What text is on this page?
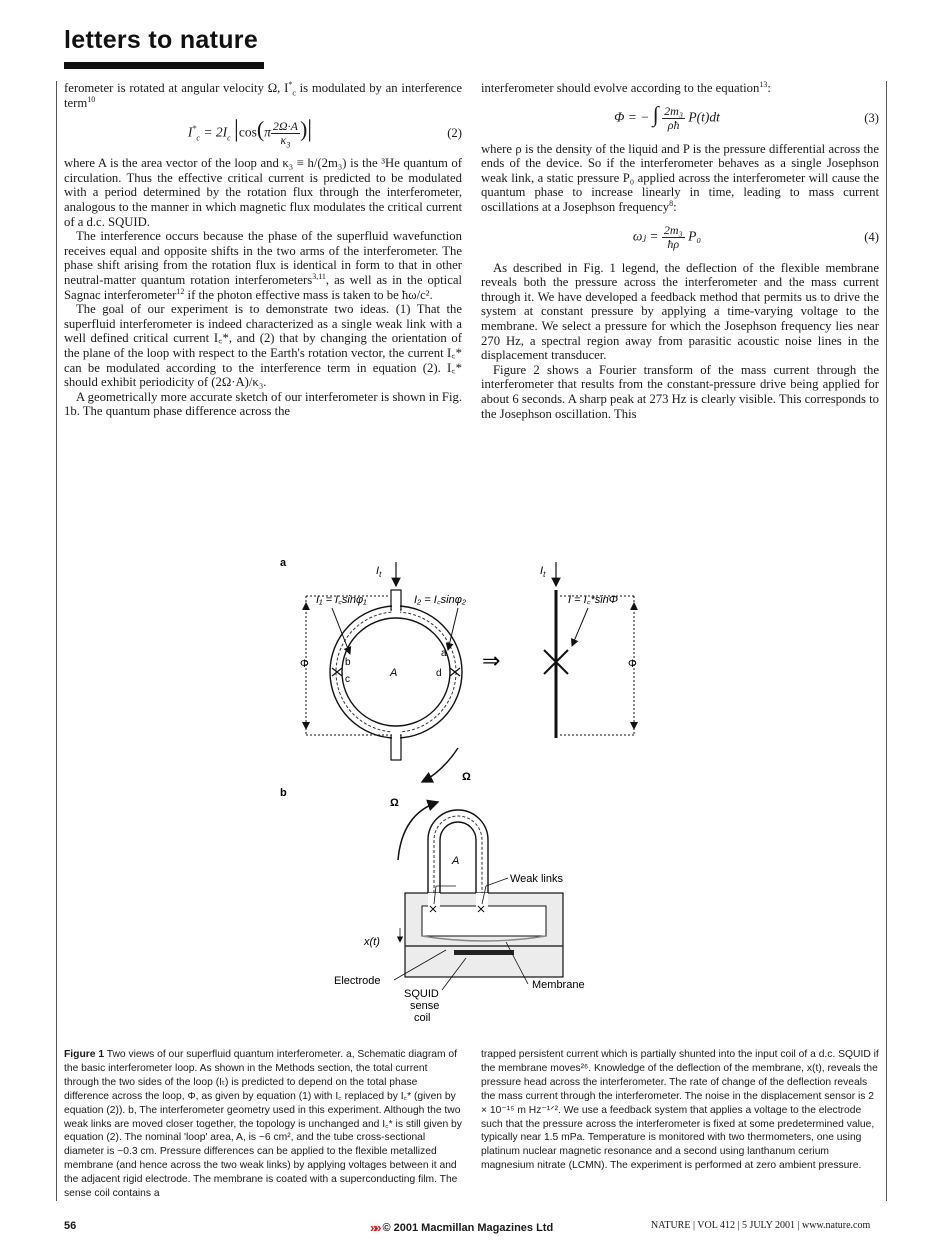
letters to nature

ferometer is rotated at angular velocity Ω, $I^*_c$ is modulated by an interference term$^{10}$

$I^*_c = 2I_c$ $|\cos(\pi \frac{2\Omega\cdot A}{\kappa_3}$ )|	(2)

where A is the area vector of the loop and κ₃ ≡ h/(2m₃) is the ³He quantum of circulation. Thus the effective critical current is predicted to be modulated with a period determined by the rotation flux through the interferometer, analogous to the manner in which magnetic flux modulates the critical current of a d.c. SQUID.

The interference occurs because the phase of the superfluid wavefunction receives equal and opposite shifts in the two arms of the interferometer. The phase shift arising from the rotation flux is identical in form to that in other neutral-matter quantum rotation interferometers$^{3,11}$, as well as in the optical Sagnac interferometer$^{12}$ if the photon effective mass is taken to be ħω/c².

The goal of our experiment is to demonstrate two ideas. (1) That the superfluid interferometer is indeed characterized as a single weak link with a well defined critical current I꜀*, and (2) that by changing the orientation of the plane of the loop with respect to the Earth's rotation vector, the current I꜀* can be modulated according to the interference term in equation (2). I꜀* should exhibit periodicity of (2Ω·A)/κ₃.

A geometrically more accurate sketch of our interferometer is shown in Fig. 1b. The quantum phase difference across the

interferometer should evolve according to the equation$^{13}$:

Φ = − ∫ $\frac{\text{2m₃}}{\rho ħ} P(t)dt$	(3)

where ρ is the density of the liquid and P is the pressure differential across the ends of the device. So if the interferometer behaves as a single Josephson weak link, a static pressure P₀ applied across the interferometer will cause the quantum phase to increase linearly in time, leading to mass current oscillations at a Josephson frequency$^8$:

ωⱼ = $\frac{\text{2m₃}}{ħ\rho} P_0$	(4)

As described in Fig. 1 legend, the deflection of the flexible membrane reveals both the pressure across the interferometer and the mass current through it. We have developed a feedback method that permits us to drive the system at constant pressure by applying a time-varying voltage to the membrane. We select a pressure for which the Josephson frequency lies near 270 Hz, a spectral region away from parasitic acoustic noise lines in the displacement transducer.

Figure 2 shows a Fourier transform of the mass current through the interferometer that results from the constant-pressure drive being applied for about 6 seconds. A sharp peak at 273 Hz is clearly visible. This corresponds to the Josephson oscillation. This

a
$I_t$
A
b
c
a
d
I₁ = I꜀sinφ₁	I₂ = I꜀sinφ₂
Φ
Ω
⇒
$I_t$
I = I꜀*sinΦ
Φ
b
Ω
A
Weak links
x(t)
Electrode	Membrane
SQUID
sense
coil
Figure 1 Two views of our superfluid quantum interferometer. a, Schematic diagram of the basic interferometer loop. As shown in the Methods section, the total current through the two sides of the loop (Iₜ) is predicted to depend on the total phase difference across the loop, Φ, as given by equation (1) with I꜀ replaced by I꜀* (given by equation (2)). b, The interferometer geometry used in this experiment. Although the two weak links are moved closer together, the topology is unchanged and I꜀* is still given by equation (2). The nominal 'loop' area, A, is ~6 cm², and the tube cross-sectional diameter is ~0.3 cm. Pressure differences can be applied to the flexible metallized membrane (and hence across the two weak links) by applying voltages between it and the adjacent rigid electrode. The membrane is coated with a superconducting film. The sense coil contains a
trapped persistent current which is partially shunted into the input coil of a d.c. SQUID if the membrane moves²⁶. Knowledge of the deflection of the membrane, x(t), reveals the pressure head across the interferometer. The rate of change of the deflection reveals the mass current through the interferometer. The noise in the displacement sensor is 2 × 10⁻¹⁵ m Hz⁻¹ᐟ². We use a feedback system that applies a voltage to the electrode such that the pressure across the interferometer is fixed at some predetermined value, typically near 1.5 mPa. Temperature is monitored with two thermometers, one using platinum nuclear magnetic resonance and a second using lanthanum cerium magnesium nitrate (LCMN). The experiment is performed at zero ambient pressure.
56	»» © 2001 Macmillan Magazines Ltd	NATURE | VOL 412 | 5 JULY 2001 | www.nature.com
